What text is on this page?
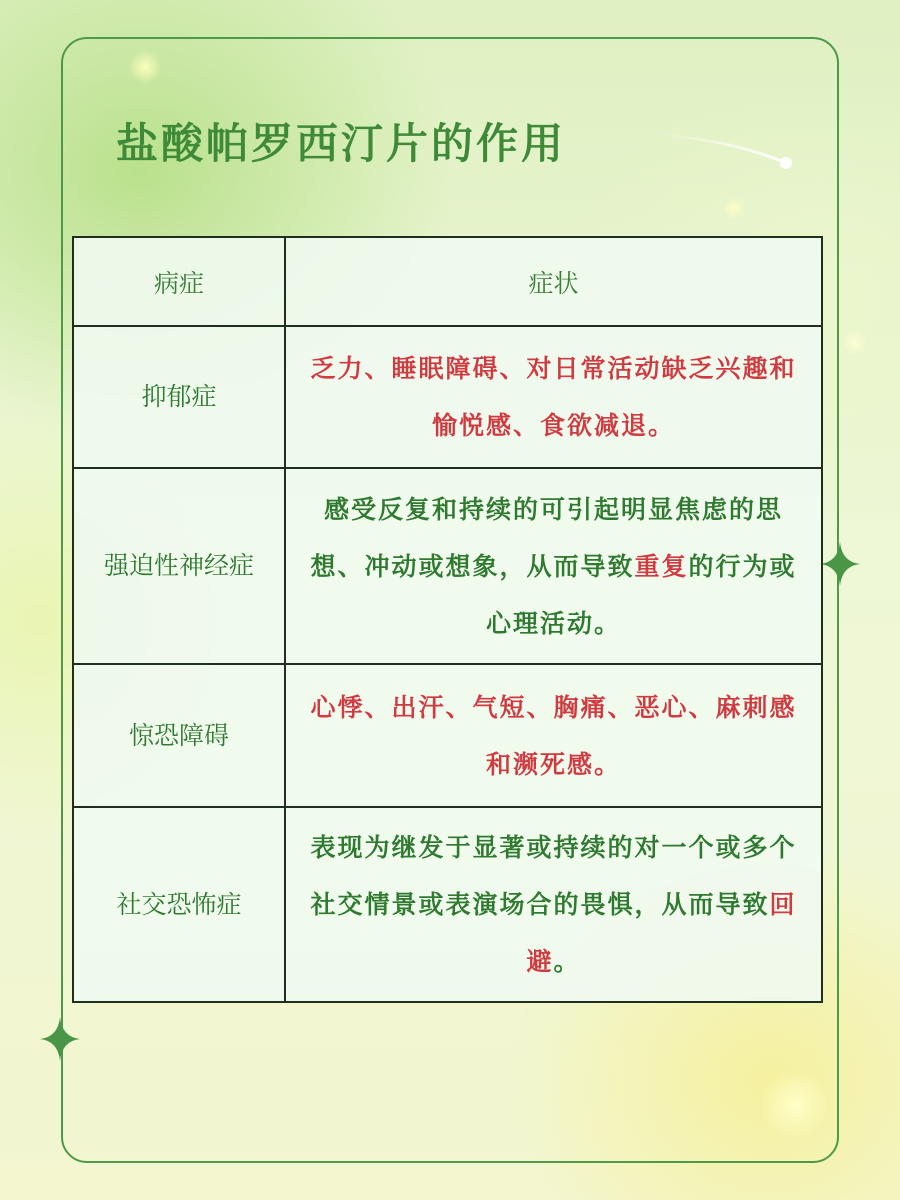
盐酸帕罗西汀片的作用
病症	症状
抑郁症	乏力、睡眠障碍、对日常活动缺乏兴趣和愉悦感、食欲减退。
强迫性神经症	感受反复和持续的可引起明显焦虑的思想、冲动或想象，从而导致重复的行为或心理活动。
惊恐障碍	心悸、出汗、气短、胸痛、恶心、麻刺感和濒死感。
社交恐怖症	表现为继发于显著或持续的对一个或多个社交情景或表演场合的畏惧，从而导致回避。
